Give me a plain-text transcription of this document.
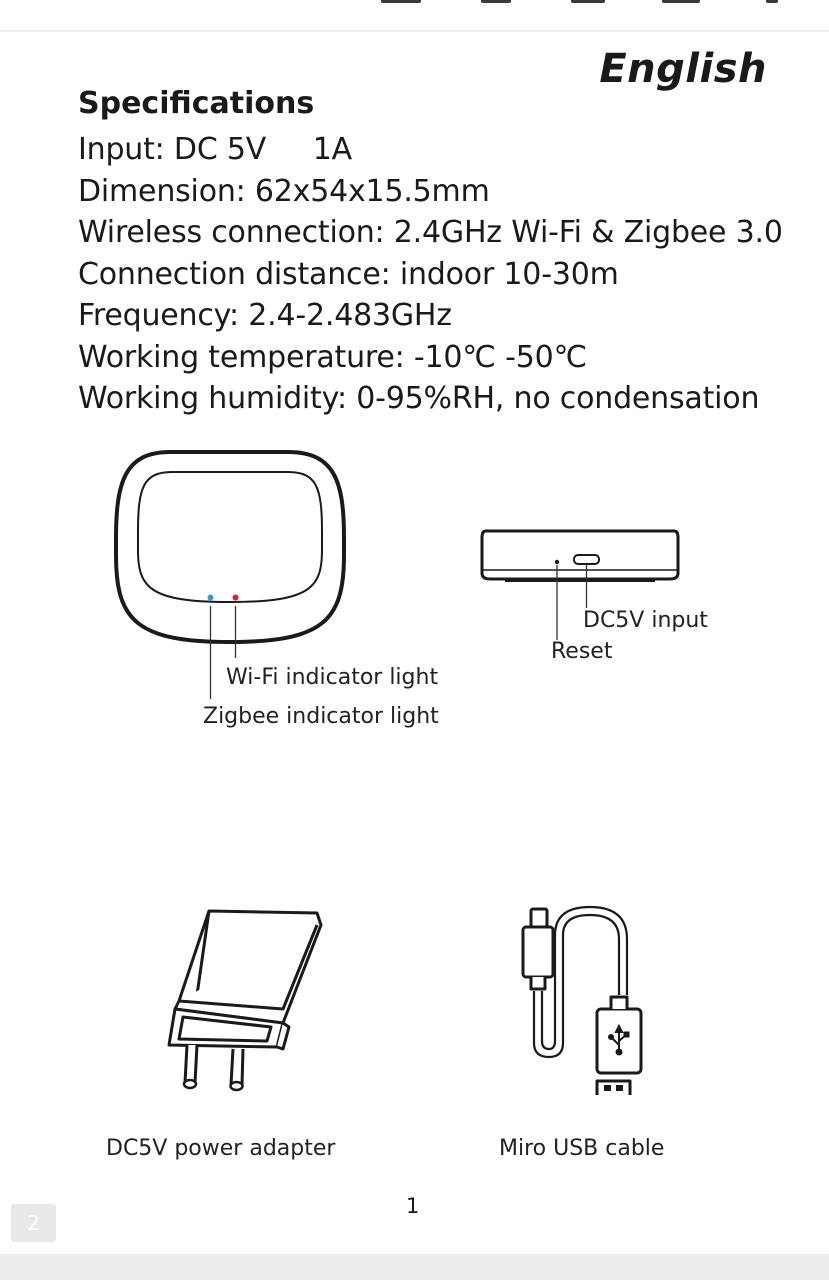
English
Specifications
Input: DC 5V     1A
Dimension: 62x54x15.5mm
Wireless connection: 2.4GHz Wi-Fi & Zigbee 3.0
Connection distance: indoor 10-30m
Frequency: 2.4-2.483GHz
Working temperature: -10℃ -50℃
Working humidity: 0-95%RH, no condensation
Wi-Fi indicator light
Zigbee indicator light
DC5V input
Reset
DC5V power adapter	Miro USB cable
1
2
